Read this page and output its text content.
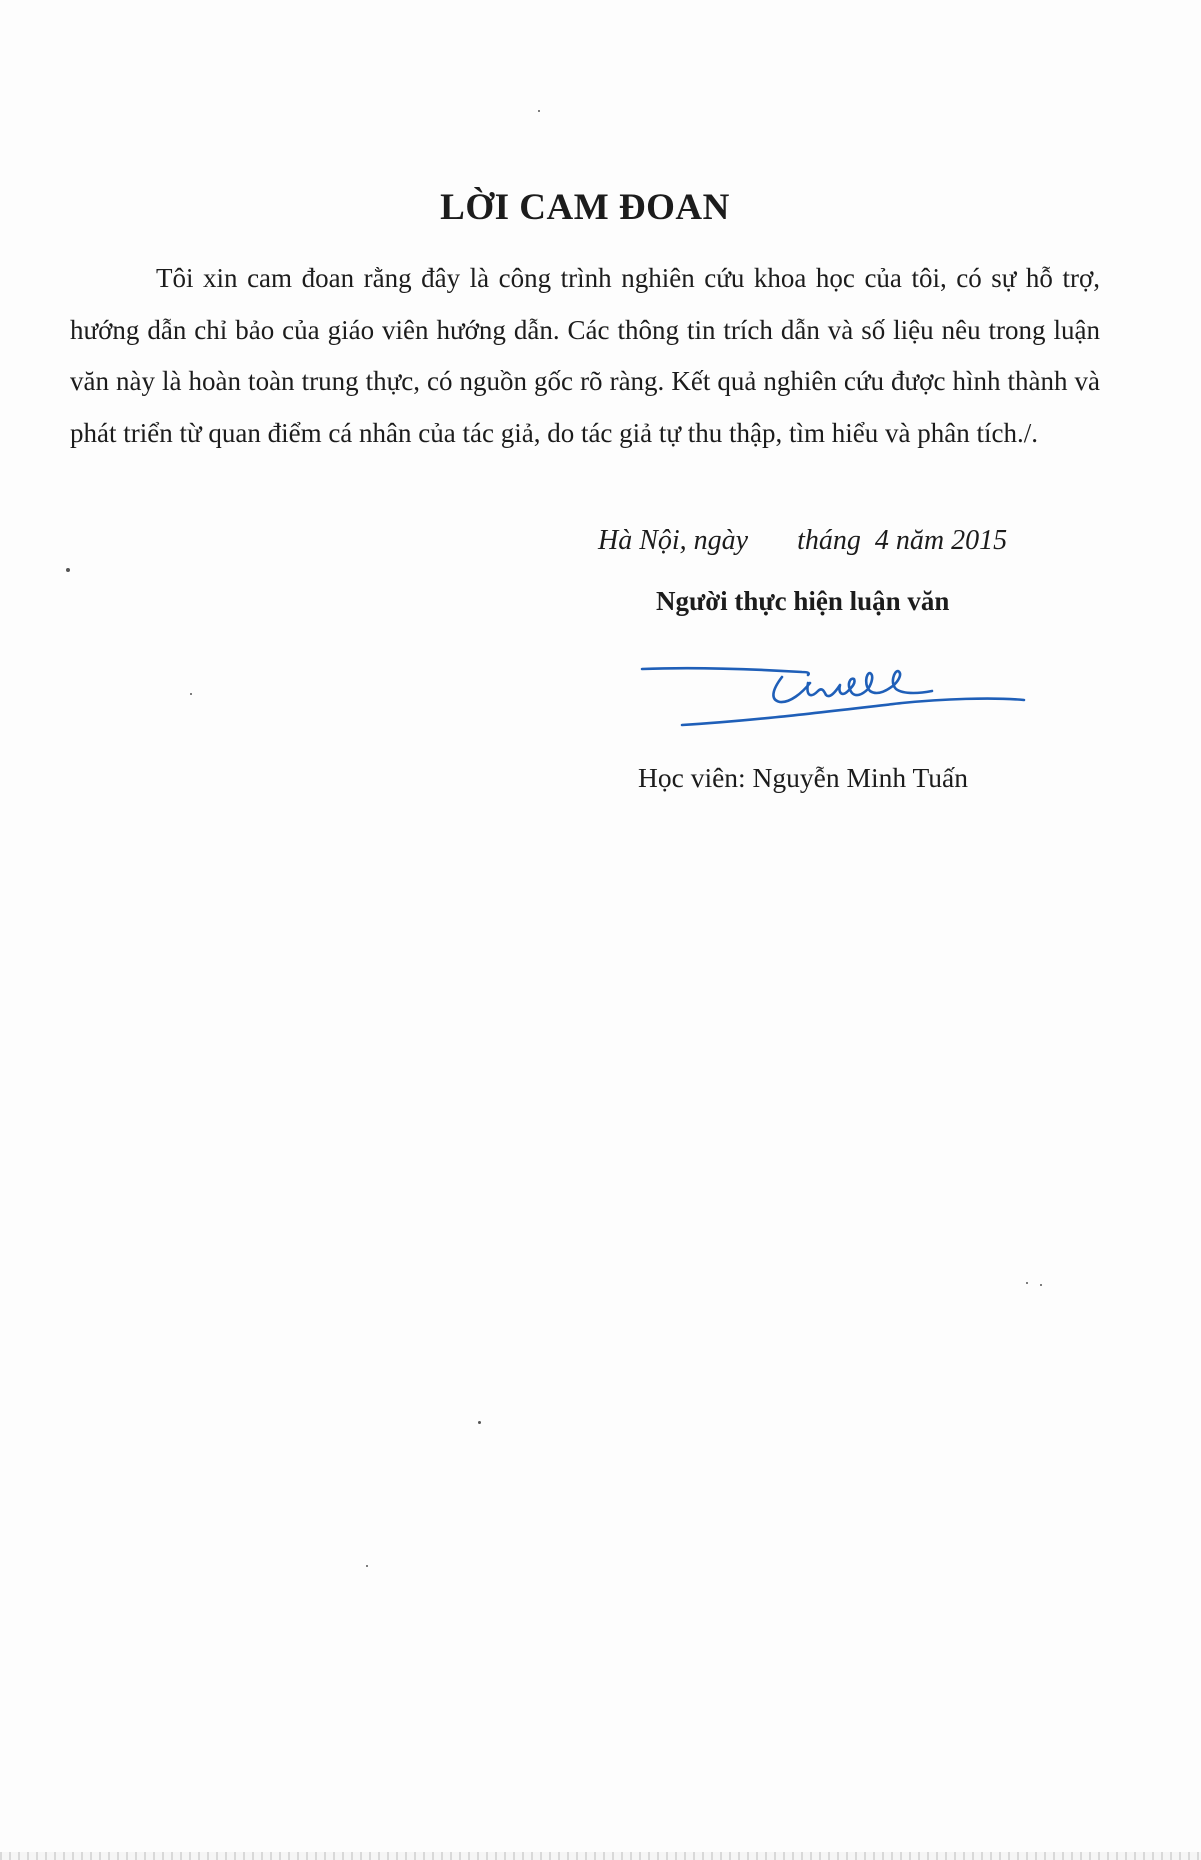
LỜI CAM ĐOAN

Tôi xin cam đoan rằng đây là công trình nghiên cứu khoa học của tôi, có sự hỗ trợ, hướng dẫn chỉ bảo của giáo viên hướng dẫn. Các thông tin trích dẫn và số liệu nêu trong luận văn này là hoàn toàn trung thực, có nguồn gốc rõ ràng. Kết quả nghiên cứu được hình thành và phát triển từ quan điểm cá nhân của tác giả, do tác giả tự thu thập, tìm hiểu và phân tích./.

Hà Nội, ngày       tháng  4 năm 2015
Người thực hiện luận văn
Học viên: Nguyễn Minh Tuấn
